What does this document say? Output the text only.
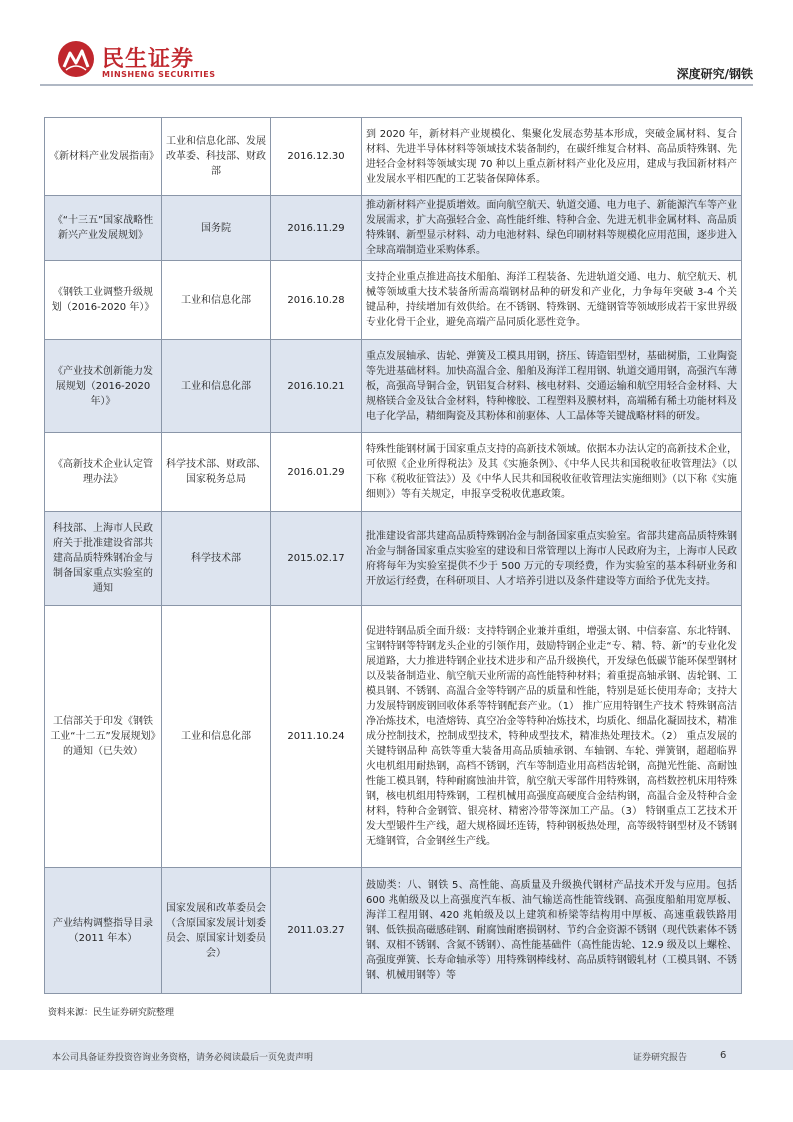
民生证券
MINSHENG SECURITIES	深度研究/钢铁
《新材料产业发展指南》	工业和信息化部、发展改革委、科技部、财政部	2016.12.30	到 2020 年，新材料产业规模化、集聚化发展态势基本形成，突破金属材料、复合材料、先进半导体材料等领域技术装备制约，在碳纤维复合材料、高品质特殊钢、先进轻合金材料等领域实现 70 种以上重点新材料产业化及应用，建成与我国新材料产业发展水平相匹配的工艺装备保障体系。
《“十三五”国家战略性新兴产业发展规划》	国务院	2016.11.29	推动新材料产业提质增效。面向航空航天、轨道交通、电力电子、新能源汽车等产业发展需求，扩大高强轻合金、高性能纤维、特种合金、先进无机非金属材料、高品质特殊钢、新型显示材料、动力电池材料、绿色印刷材料等规模化应用范围，逐步进入全球高端制造业采购体系。
《钢铁工业调整升级规划（2016-2020 年）》	工业和信息化部	2016.10.28	支持企业重点推进高技术船舶、海洋工程装备、先进轨道交通、电力、航空航天、机械等领域重大技术装备所需高端钢材品种的研发和产业化，力争每年突破 3-4 个关键品种，持续增加有效供给。在不锈钢、特殊钢、无缝钢管等领域形成若干家世界级专业化骨干企业，避免高端产品同质化恶性竞争。
《产业技术创新能力发展规划（2016-2020 年）》	工业和信息化部	2016.10.21	重点发展轴承、齿轮、弹簧及工模具用钢，挤压、铸造铝型材，基础树脂，工业陶瓷等先进基础材料。加快高温合金、船舶及海洋工程用钢、轨道交通用钢，高强汽车薄板，高强高导铜合金，钒铝复合材料、核电材料、交通运输和航空用轻合金材料、大规格镁合金及钛合金材料，特种橡胶、工程塑料及膜材料，高端稀有稀土功能材料及电子化学品，精细陶瓷及其粉体和前驱体、人工晶体等关键战略材料的研发。
《高新技术企业认定管理办法》	科学技术部、财政部、国家税务总局	2016.01.29	特殊性能钢材属于国家重点支持的高新技术领域。依据本办法认定的高新技术企业，可依照《企业所得税法》及其《实施条例》、《中华人民共和国税收征收管理法》（以下称《税收征管法》）及《中华人民共和国税收征收管理法实施细则》（以下称《实施细则》）等有关规定，申报享受税收优惠政策。
科技部、上海市人民政府关于批准建设省部共建高品质特殊钢冶金与制备国家重点实验室的通知	科学技术部	2015.02.17	批准建设省部共建高品质特殊钢冶金与制备国家重点实验室。省部共建高品质特殊钢冶金与制备国家重点实验室的建设和日常管理以上海市人民政府为主，上海市人民政府将每年为实验室提供不少于 500 万元的专项经费，作为实验室的基本科研业务和开放运行经费，在科研项目、人才培养引进以及条件建设等方面给予优先支持。
工信部关于印发《钢铁工业“十二五”发展规划》的通知（已失效）	工业和信息化部	2011.10.24	促进特钢品质全面升级：支持特钢企业兼并重组，增强太钢、中信泰富、东北特钢、宝钢特钢等特钢龙头企业的引领作用，鼓励特钢企业走“专、精、特、新”的专业化发展道路，大力推进特钢企业技术进步和产品升级换代，开发绿色低碳节能环保型钢材以及装备制造业、航空航天业所需的高性能特种材料；着重提高轴承钢、齿轮钢、工模具钢、不锈钢、高温合金等特钢产品的质量和性能，特别是延长使用寿命；支持大力发展特钢废钢回收体系等特钢配套产业。（1） 推广应用特钢生产技术 特殊钢高洁净冶炼技术，电渣熔铸、真空冶金等特种冶炼技术，均质化、细晶化凝固技术，精准成分控制技术，控制成型技术，特种成型技术，精准热处理技术。（2） 重点发展的关键特钢品种 高铁等重大装备用高品质轴承钢、车轴钢、车轮、弹簧钢，超超临界火电机组用耐热钢，高档不锈钢，汽车等制造业用高档齿轮钢，高抛光性能、高耐蚀性能工模具钢，特种耐腐蚀油井管，航空航天零部件用特殊钢，高档数控机床用特殊钢，核电机组用特殊钢，工程机械用高强度高硬度合金结构钢，高温合金及特种合金材料，特种合金钢管、银亮材、精密冷带等深加工产品。（3） 特钢重点工艺技术开发大型锻件生产线，超大规格圆坯连铸，特种钢板热处理，高等级特钢型材及不锈钢无缝钢管，合金钢丝生产线。
产业结构调整指导目录（2011 年本）	国家发展和改革委员会（含原国家发展计划委员会、原国家计划委员会）	2011.03.27	鼓励类：八、钢铁 5、高性能、高质量及升级换代钢材产品技术开发与应用。包括 600 兆帕级及以上高强度汽车板、油气输送高性能管线钢、高强度船舶用宽厚板、海洋工程用钢、420 兆帕级及以上建筑和桥梁等结构用中厚板、高速重载铁路用钢、低铁损高磁感硅钢、耐腐蚀耐磨损钢材、节约合金资源不锈钢（现代铁素体不锈钢、双相不锈钢、含氮不锈钢）、高性能基础件（高性能齿轮、12.9 级及以上螺栓、高强度弹簧、长寿命轴承等）用特殊钢棒线材、高品质特钢锻轧材（工模具钢、不锈钢、机械用钢等）等
资料来源：民生证券研究院整理
本公司具备证券投资咨询业务资格，请务必阅读最后一页免责声明	证券研究报告	6
